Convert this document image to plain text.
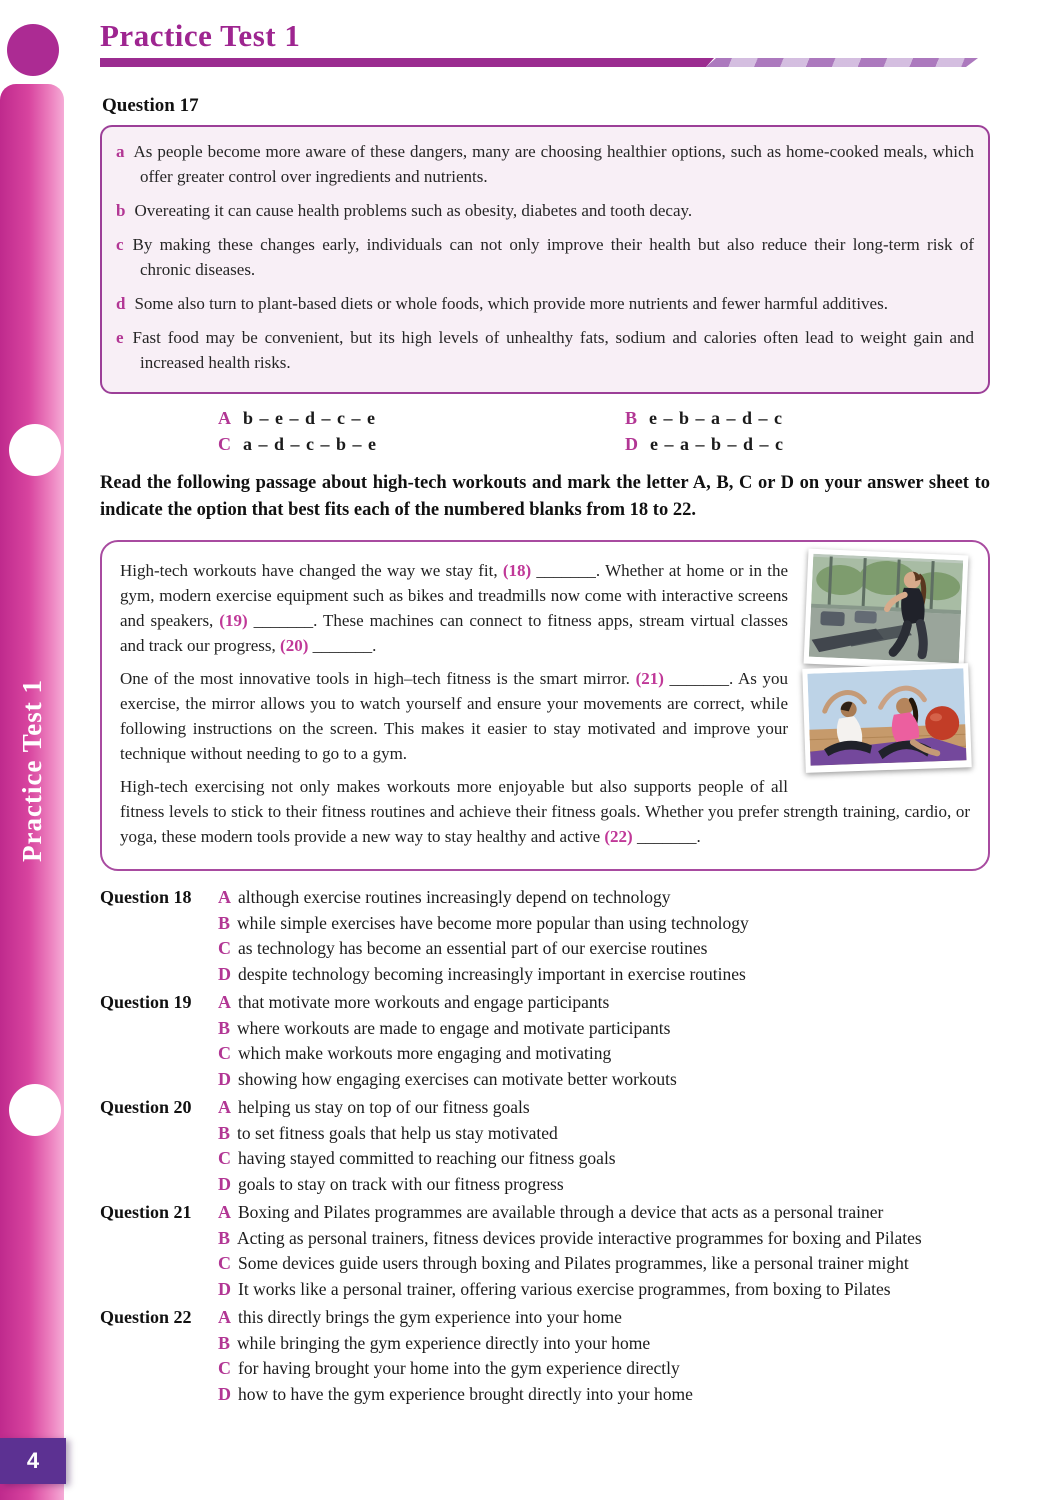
Practice Test 1
4
Practice Test 1
Question 17
a As people become more aware of these dangers, many are choosing healthier options, such as home-cooked meals, which offer greater control over ingredients and nutrients.
b Overeating it can cause health problems such as obesity, diabetes and tooth decay.
c By making these changes early, individuals can not only improve their health but also reduce their long-term risk of chronic diseases.
d Some also turn to plant-based diets or whole foods, which provide more nutrients and fewer harmful additives.
e Fast food may be convenient, but its high levels of unhealthy fats, sodium and calories often lead to weight gain and increased health risks.
A b – e – d – c – e	B e – b – a – d – c
C a – d – c – b – e	D e – a – b – d – c

Read the following passage about high-tech workouts and mark the letter A, B, C or D on your answer sheet to indicate the option that best fits each of the numbered blanks from 18 to 22.

High-tech workouts have changed the way we stay fit, (18) _______. Whether at home or in the gym, modern exercise equipment such as bikes and treadmills now come with interactive screens and speakers, (19) _______. These machines can connect to fitness apps, stream virtual classes and track our progress, (20) _______.

One of the most innovative tools in high–tech fitness is the smart mirror. (21) _______. As you exercise, the mirror allows you to watch yourself and ensure your movements are correct, while following instructions on the screen. This makes it easier to stay motivated and improve your technique without needing to go to a gym.

High-tech exercising not only makes workouts more enjoyable but also supports people of all fitness levels to stick to their fitness routines and achieve their fitness goals. Whether you prefer strength training, cardio, or yoga, these modern tools provide a new way to stay healthy and active (22) _______.

Question 18	A although exercise routines increasingly depend on technology
B while simple exercises have become more popular than using technology
C as technology has become an essential part of our exercise routines
D despite technology becoming increasingly important in exercise routines
Question 19	A that motivate more workouts and engage participants
B where workouts are made to engage and motivate participants
C which make workouts more engaging and motivating
D showing how engaging exercises can motivate better workouts
Question 20	A helping us stay on top of our fitness goals
B to set fitness goals that help us stay motivated
C having stayed committed to reaching our fitness goals
D goals to stay on track with our fitness progress
Question 21	A Boxing and Pilates programmes are available through a device that acts as a personal trainer
B Acting as personal trainers, fitness devices provide interactive programmes for boxing and Pilates
C Some devices guide users through boxing and Pilates programmes, like a personal trainer might
D It works like a personal trainer, offering various exercise programmes, from boxing to Pilates
Question 22	A this directly brings the gym experience into your home
B while bringing the gym experience directly into your home
C for having brought your home into the gym experience directly
D how to have the gym experience brought directly into your home
